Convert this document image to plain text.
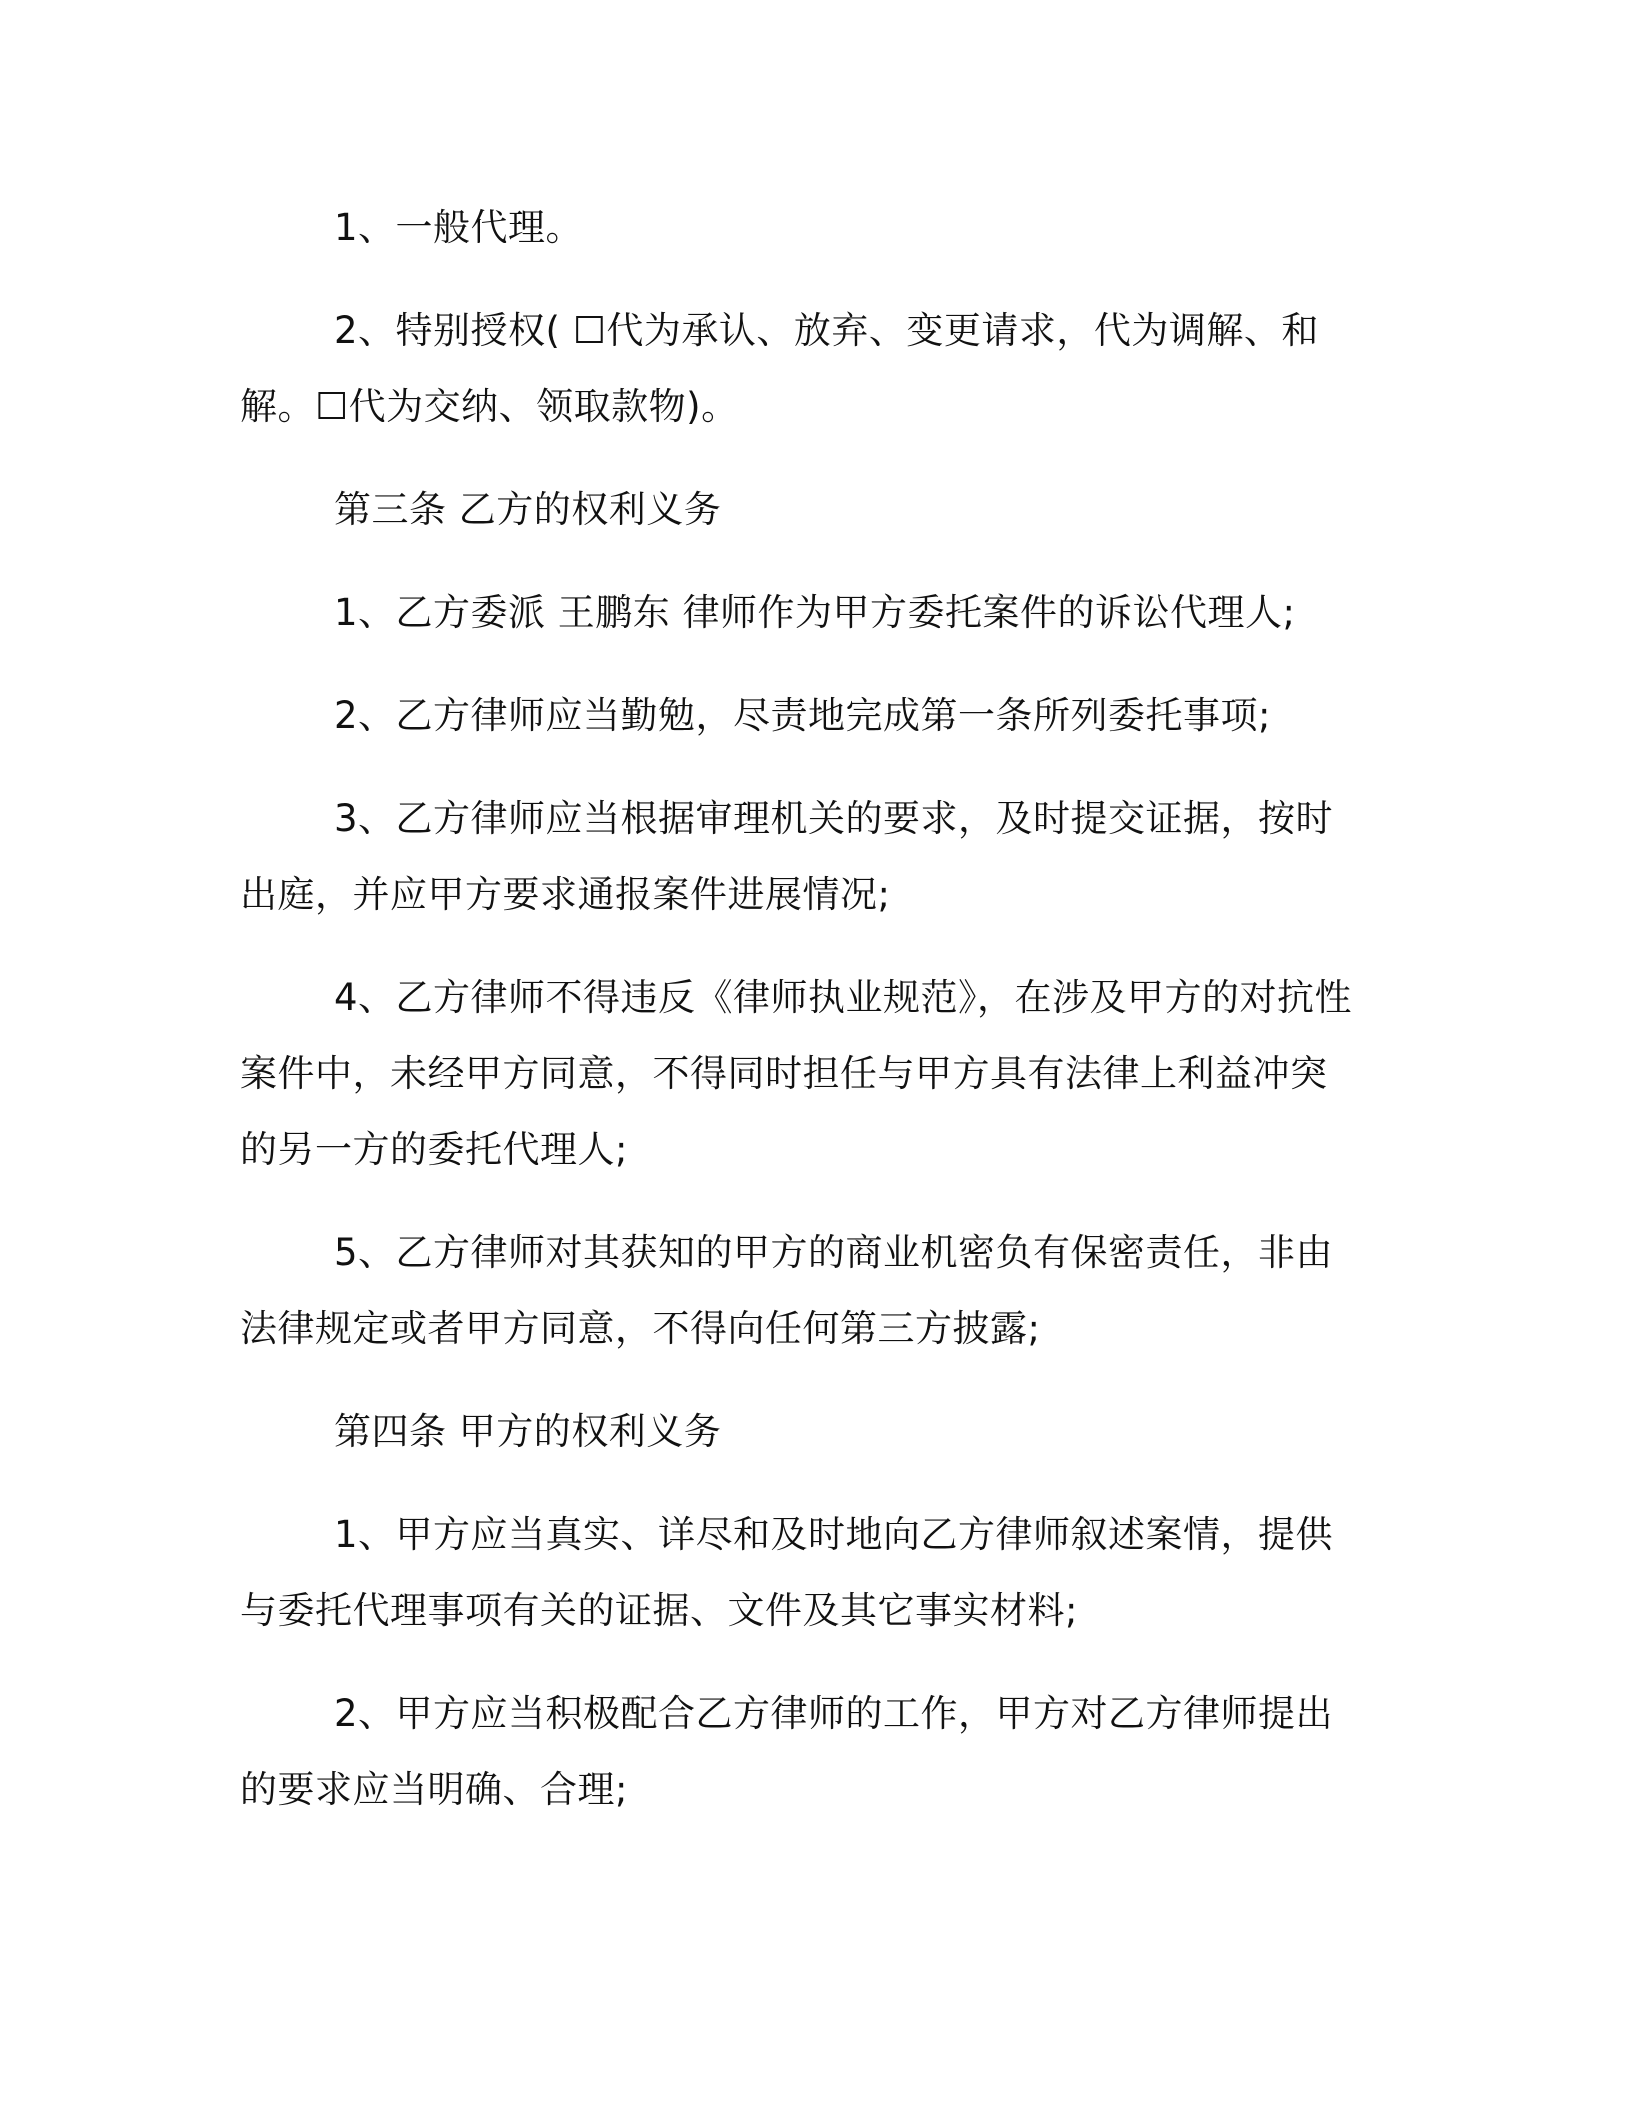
1、一般代理。

2、特别授权( ☐代为承认、放弃、变更请求，代为调解、和解。☐代为交纳、领取款物)。

第三条 乙方的权利义务

1、乙方委派 王鹏东 律师作为甲方委托案件的诉讼代理人;

2、乙方律师应当勤勉，尽责地完成第一条所列委托事项;

3、乙方律师应当根据审理机关的要求，及时提交证据，按时出庭，并应甲方要求通报案件进展情况;

4、乙方律师不得违反《律师执业规范》，在涉及甲方的对抗性案件中，未经甲方同意，不得同时担任与甲方具有法律上利益冲突的另一方的委托代理人;

5、乙方律师对其获知的甲方的商业机密负有保密责任，非由法律规定或者甲方同意，不得向任何第三方披露;

第四条 甲方的权利义务

1、甲方应当真实、详尽和及时地向乙方律师叙述案情，提供与委托代理事项有关的证据、文件及其它事实材料;

2、甲方应当积极配合乙方律师的工作，甲方对乙方律师提出的要求应当明确、合理;
